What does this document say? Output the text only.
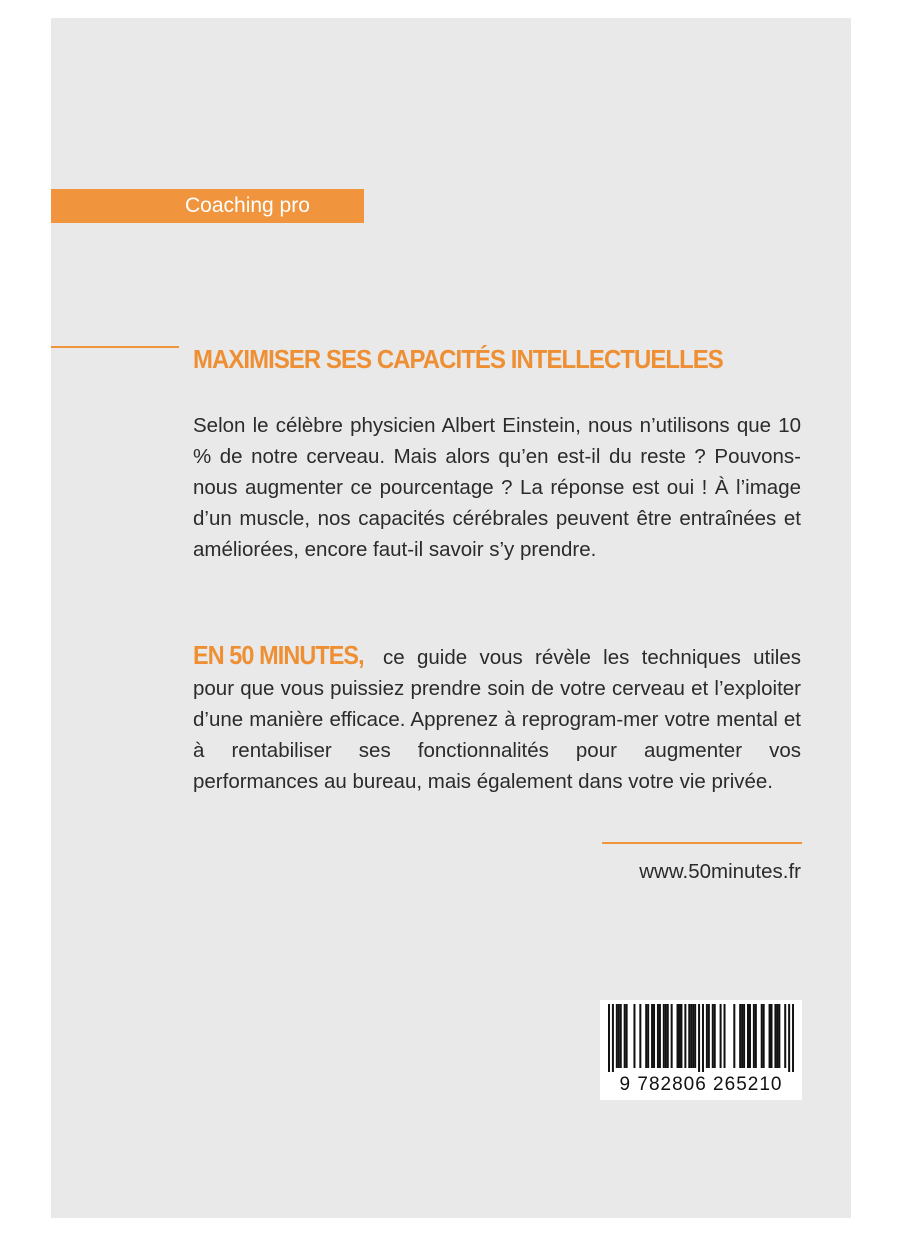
Coaching pro
MAXIMISER SES CAPACITÉS INTELLECTUELLES

Selon le célèbre physicien Albert Einstein, nous n’utilisons que 10 % de notre cerveau. Mais alors qu’en est-il du reste ? Pouvons-nous augmenter ce pourcentage ? La réponse est oui ! À l’image d’un muscle, nos capacités cérébrales peuvent être entraînées et améliorées, encore faut-il savoir s’y prendre.

EN 50 MINUTES, ce guide vous révèle les techniques utiles pour que vous puissiez prendre soin de votre cerveau et l’exploiter d’une manière efficace. Apprenez à reprogram-mer votre mental et à rentabiliser ses fonctionnalités pour augmenter vos performances au bureau, mais également dans votre vie privée.

www.50minutes.fr
9 782806 265210
